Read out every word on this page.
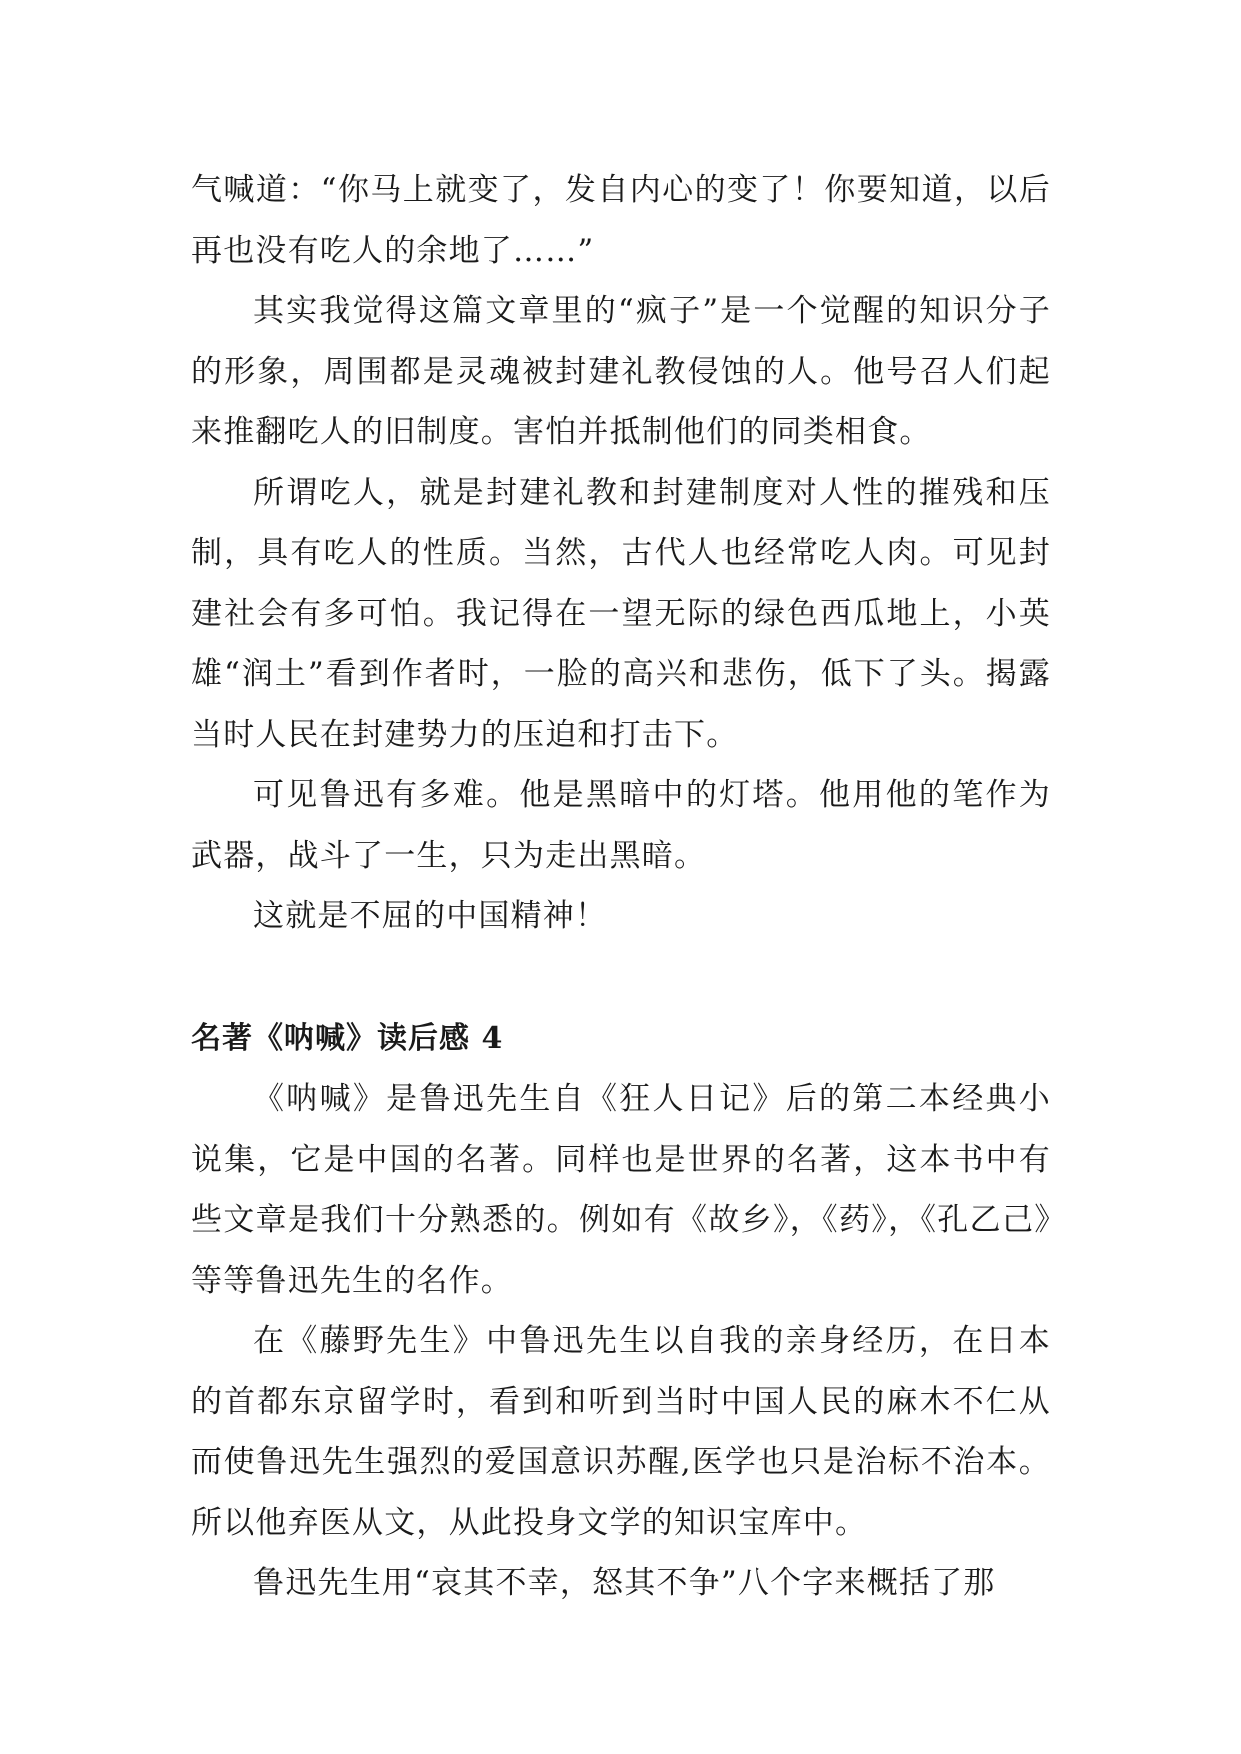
气喊道：“你马上就变了，发自内心的变了！你要知道，以后再也没有吃人的余地了……”

其实我觉得这篇文章里的“疯子”是一个觉醒的知识分子的形象，周围都是灵魂被封建礼教侵蚀的人。他号召人们起来推翻吃人的旧制度。害怕并抵制他们的同类相食。

所谓吃人，就是封建礼教和封建制度对人性的摧残和压制，具有吃人的性质。当然，古代人也经常吃人肉。可见封建社会有多可怕。我记得在一望无际的绿色西瓜地上，小英雄“润土”看到作者时，一脸的高兴和悲伤，低下了头。揭露当时人民在封建势力的压迫和打击下。

可见鲁迅有多难。他是黑暗中的灯塔。他用他的笔作为武器，战斗了一生，只为走出黑暗。

这就是不屈的中国精神！

名著《呐喊》读后感 4

《呐喊》是鲁迅先生自《狂人日记》后的第二本经典小说集，它是中国的名著。同样也是世界的名著，这本书中有些文章是我们十分熟悉的。例如有《故乡》，《药》，《孔乙己》等等鲁迅先生的名作。

在《藤野先生》中鲁迅先生以自我的亲身经历，在日本的首都东京留学时，看到和听到当时中国人民的麻木不仁从而使鲁迅先生强烈的爱国意识苏醒,医学也只是治标不治本。所以他弃医从文，从此投身文学的知识宝库中。

鲁迅先生用“哀其不幸，怒其不争”八个字来概括了那
